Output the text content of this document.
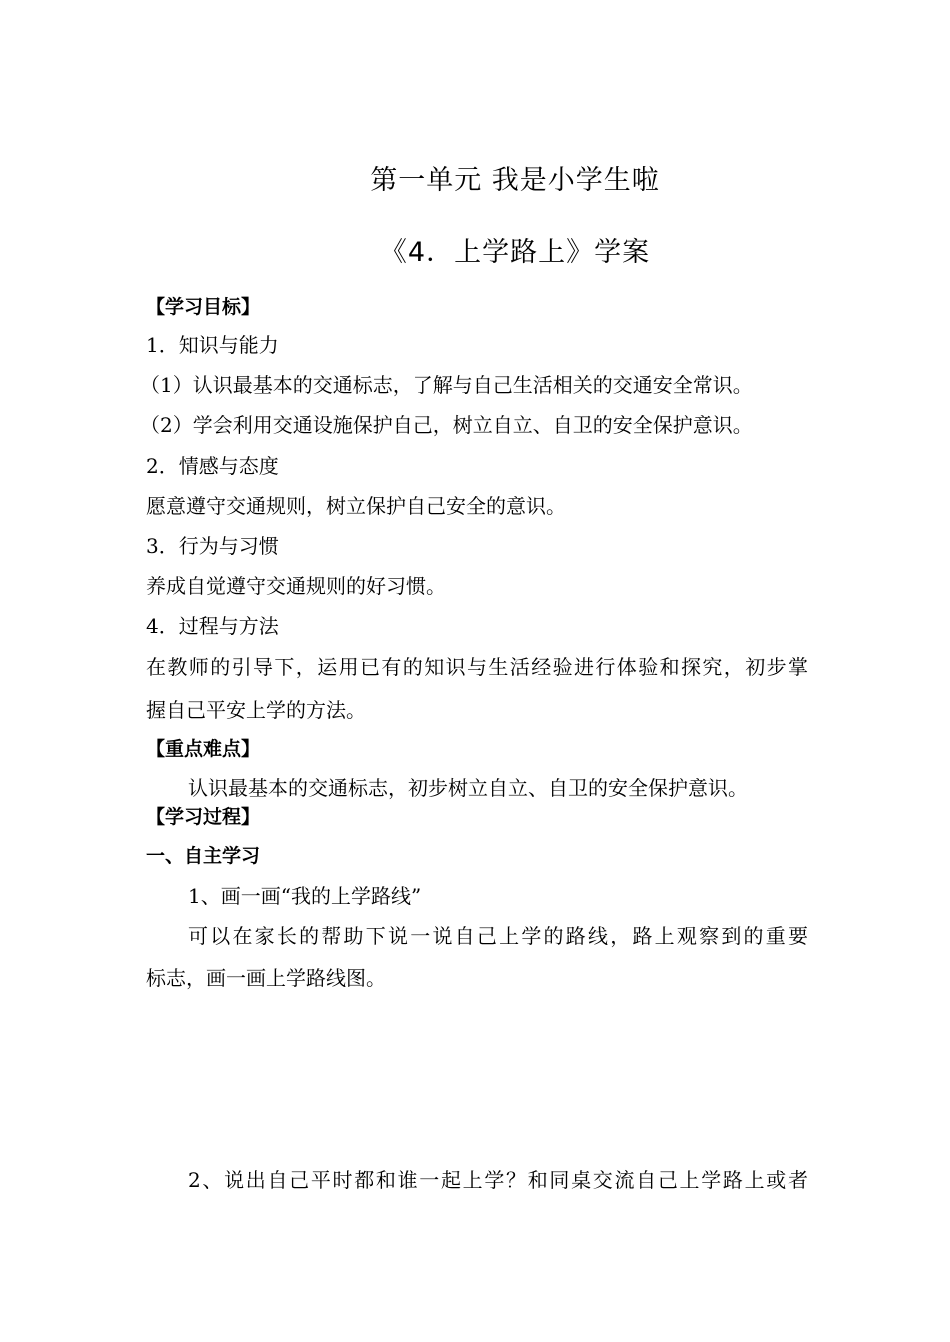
第一单元 我是小学生啦
《4．上学路上》学案
【学习目标】
1．知识与能力
（1）认识最基本的交通标志，了解与自己生活相关的交通安全常识。
（2）学会利用交通设施保护自己，树立自立、自卫的安全保护意识。
2．情感与态度
愿意遵守交通规则，树立保护自己安全的意识。
3．行为与习惯
养成自觉遵守交通规则的好习惯。
4．过程与方法
在教师的引导下，运用已有的知识与生活经验进行体验和探究，初步掌
握自己平安上学的方法。
【重点难点】
认识最基本的交通标志，初步树立自立、自卫的安全保护意识。
【学习过程】
一、自主学习
1、画一画“我的上学路线”
可以在家长的帮助下说一说自己上学的路线，路上观察到的重要
标志，画一画上学路线图。
2、说出自己平时都和谁一起上学？和同桌交流自己上学路上或者
